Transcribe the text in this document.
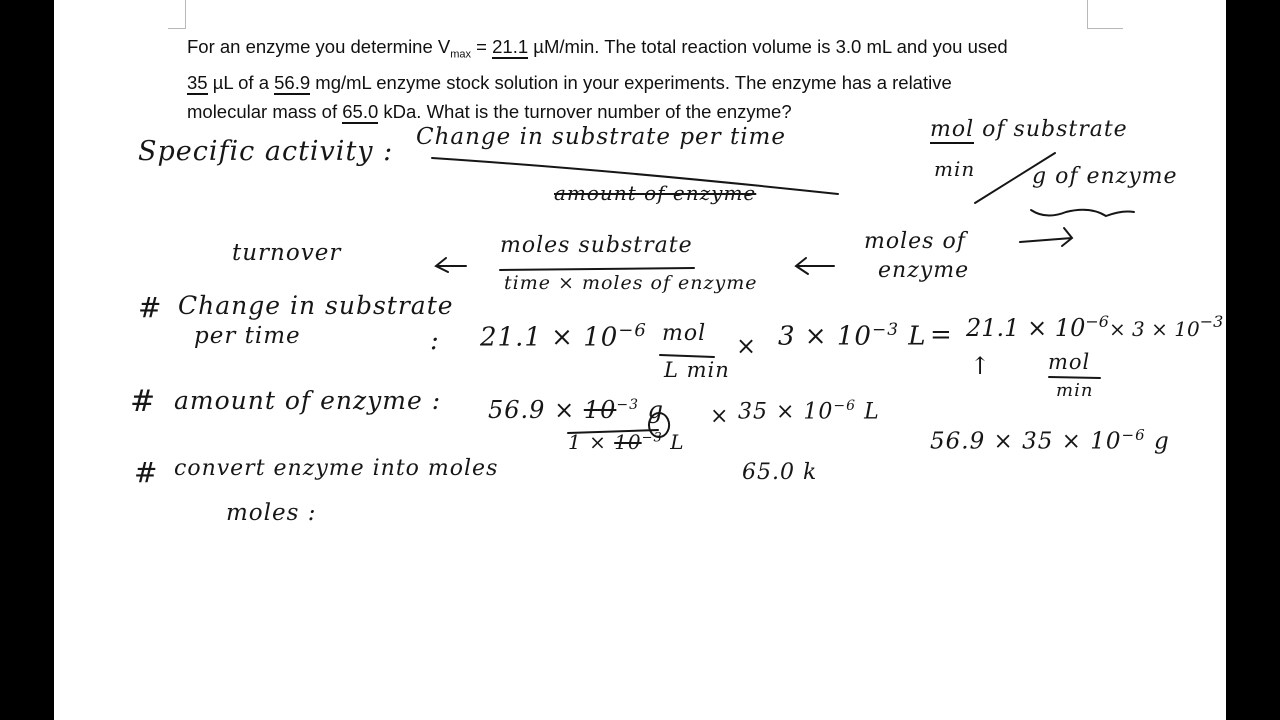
For an enzyme you determine $V_{max} = 21.1$ µM/min. The total reaction volume is 3.0 mL and you used

35 µL of a 56.9 mg/mL enzyme stock solution in your experiments. The enzyme has a relative

molecular mass of 65.0 kDa. What is the turnover number of the enzyme?

Specific activity : Change in substrate per time
amount of enzyme
mol of substrate
min	g of enzyme
turnover	moles substrate
time × moles of enzyme
moles of
enzyme
# Change in substrate
per time	: $21.1 \times 10^{-6}$ mol
L min
× $3 \times 10^{-3}$ $L = 21.1 \times 10^{-6}\times 3 \times 10^{-3}$
↑	mol
min
# amount of enzyme : $56.9 \times 10^{-3}$ g
$1 \times 10^{-3}$ L
× $35 \times 10^{-6}$ L
$56.9 \times 35 \times 10^{-6}$ g
# convert enzyme into moles	65.0 k
moles :
